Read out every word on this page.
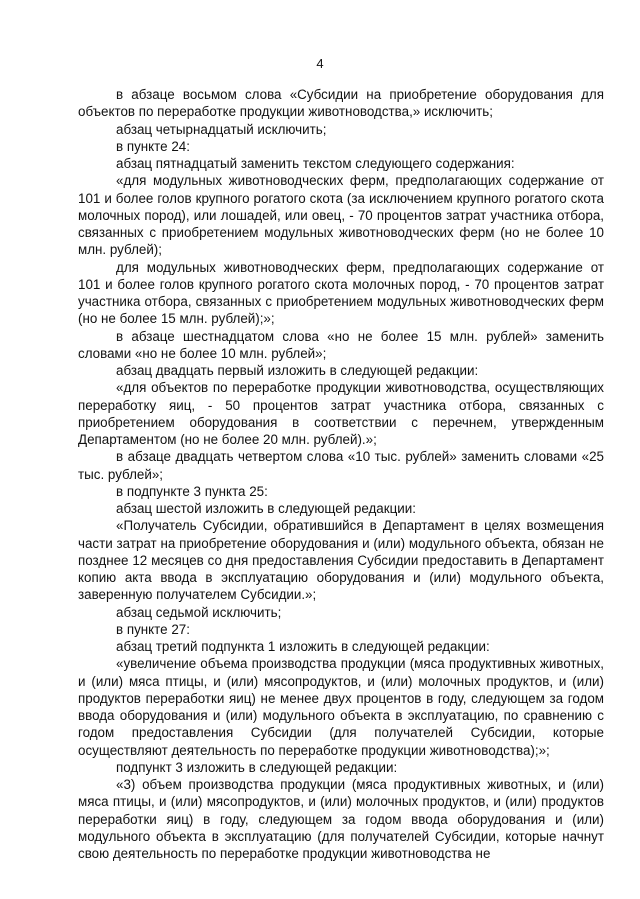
4

в абзаце восьмом слова «Субсидии на приобретение оборудования для объектов по переработке продукции животноводства,» исключить;

абзац четырнадцатый исключить;

в пункте 24:

абзац пятнадцатый заменить текстом следующего содержания:

«для модульных животноводческих ферм, предполагающих содержание от 101 и более голов крупного рогатого скота (за исключением крупного рогатого скота молочных пород), или лошадей, или овец, - 70 процентов затрат участника отбора, связанных с приобретением модульных животноводческих ферм (но не более 10 млн. рублей);

для модульных животноводческих ферм, предполагающих содержание от 101 и более голов крупного рогатого скота молочных пород, - 70 процентов затрат участника отбора, связанных с приобретением модульных животноводческих ферм (но не более 15 млн. рублей);»;

в абзаце шестнадцатом слова «но не более 15 млн. рублей» заменить словами «но не более 10 млн. рублей»;

абзац двадцать первый изложить в следующей редакции:

«для объектов по переработке продукции животноводства, осуществляющих переработку яиц, - 50 процентов затрат участника отбора, связанных с приобретением оборудования в соответствии с перечнем, утвержденным Департаментом (но не более 20 млн. рублей).»;

в абзаце двадцать четвертом слова «10 тыс. рублей» заменить словами «25 тыс. рублей»;

в подпункте 3 пункта 25:

абзац шестой изложить в следующей редакции:

«Получатель Субсидии, обратившийся в Департамент в целях возмещения части затрат на приобретение оборудования и (или) модульного объекта, обязан не позднее 12 месяцев со дня предоставления Субсидии предоставить в Департамент копию акта ввода в эксплуатацию оборудования и (или) модульного объекта, заверенную получателем Субсидии.»;

абзац седьмой исключить;

в пункте 27:

абзац третий подпункта 1 изложить в следующей редакции:

«увеличение объема производства продукции (мяса продуктивных животных, и (или) мяса птицы, и (или) мясопродуктов, и (или) молочных продуктов, и (или) продуктов переработки яиц) не менее двух процентов в году, следующем за годом ввода оборудования и (или) модульного объекта в эксплуатацию, по сравнению с годом предоставления Субсидии (для получателей Субсидии, которые осуществляют деятельность по переработке продукции животноводства);»;

подпункт 3 изложить в следующей редакции:

«3) объем производства продукции (мяса продуктивных животных, и (или) мяса птицы, и (или) мясопродуктов, и (или) молочных продуктов, и (или) продуктов переработки яиц) в году, следующем за годом ввода оборудования и (или) модульного объекта в эксплуатацию (для получателей Субсидии, которые начнут свою деятельность по переработке продукции животноводства не
